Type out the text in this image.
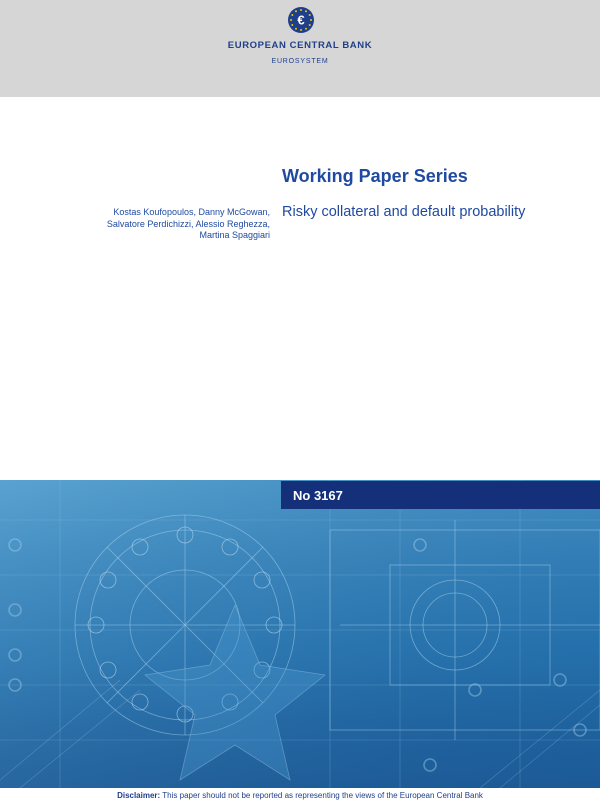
€
EUROPEAN CENTRAL BANK
EUROSYSTEM
Working Paper Series
Risky collateral and default probability
Kostas Koufopoulos, Danny McGowan,
Salvatore Perdichizzi, Alessio Reghezza,
Martina Spaggiari
No 3167
Disclaimer: This paper should not be reported as representing the views of the European Central Bank
